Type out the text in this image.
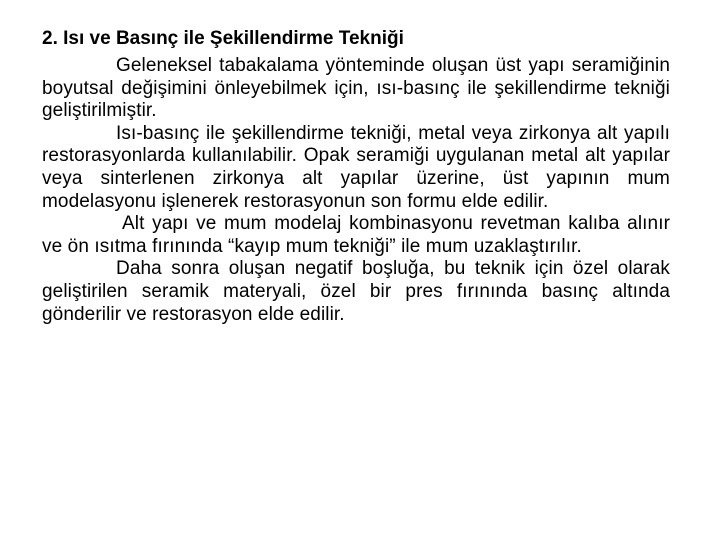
2. Isı ve Basınç ile Şekillendirme Tekniği

Geleneksel tabakalama yönteminde oluşan üst yapı seramiğinin boyutsal değişimini önleyebilmek için, ısı-basınç ile şekillendirme tekniği geliştirilmiştir.

Isı-basınç ile şekillendirme tekniği, metal veya zirkonya alt yapılı restorasyonlarda kullanılabilir. Opak seramiği uygulanan metal alt yapılar veya sinterlenen zirkonya alt yapılar üzerine, üst yapının mum modelasyonu işlenerek restorasyonun son formu elde edilir.

Alt yapı ve mum modelaj kombinasyonu revetman kalıba alınır ve ön ısıtma fırınında “kayıp mum tekniği” ile mum uzaklaştırılır.

Daha sonra oluşan negatif boşluğa, bu teknik için özel olarak geliştirilen seramik materyali, özel bir pres fırınında basınç altında gönderilir ve restorasyon elde edilir.
